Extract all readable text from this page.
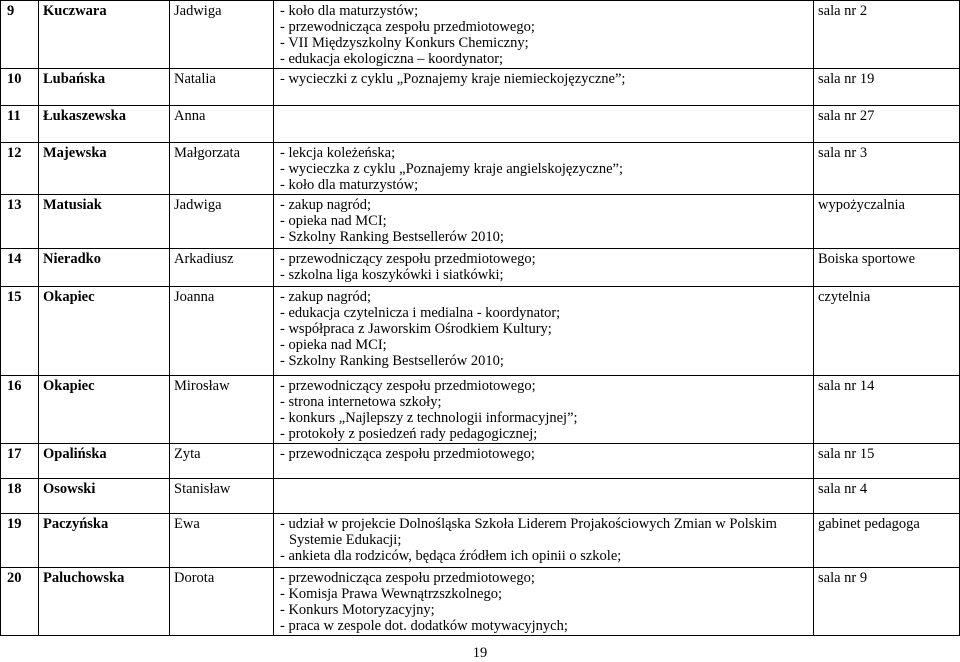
9	Kuczwara	Jadwiga	- koło dla maturzystów;
- przewodnicząca zespołu przedmiotowego;
- VII Międzyszkolny Konkurs Chemiczny;
- edukacja ekologiczna – koordynator;	sala nr 2
10	Lubańska	Natalia	- wycieczki z cyklu „Poznajemy kraje niemieckojęzyczne”;	sala nr 19
11	Łukaszewska	Anna		sala nr 27
12	Majewska	Małgorzata	- lekcja koleżeńska;
- wycieczka z cyklu „Poznajemy kraje angielskojęzyczne”;
- koło dla maturzystów;	sala nr 3
13	Matusiak	Jadwiga	- zakup nagród;
- opieka nad MCI;
- Szkolny Ranking Bestsellerów 2010;	wypożyczalnia
14	Nieradko	Arkadiusz	- przewodniczący zespołu przedmiotowego;
- szkolna liga koszykówki i siatkówki;	Boiska sportowe
15	Okapiec	Joanna	- zakup nagród;
- edukacja czytelnicza i medialna - koordynator;
- współpraca z Jaworskim Ośrodkiem Kultury;
- opieka nad MCI;
- Szkolny Ranking Bestsellerów 2010;	czytelnia
16	Okapiec	Mirosław	- przewodniczący zespołu przedmiotowego;
- strona internetowa szkoły;
- konkurs „Najlepszy z technologii informacyjnej”;
- protokoły z posiedzeń rady pedagogicznej;	sala nr 14
17	Opalińska	Zyta	- przewodnicząca zespołu przedmiotowego;	sala nr 15
18	Osowski	Stanisław		sala nr 4
19	Paczyńska	Ewa	- udział w projekcie Dolnośląska Szkoła Liderem Projakościowych Zmian w Polskim
Systemie Edukacji;
- ankieta dla rodziców, będąca źródłem ich opinii o szkole;	gabinet pedagoga
20	Paluchowska	Dorota	- przewodnicząca zespołu przedmiotowego;
- Komisja Prawa Wewnątrzszkolnego;
- Konkurs Motoryzacyjny;
- praca w zespole dot. dodatków motywacyjnych;	sala nr 9
19
